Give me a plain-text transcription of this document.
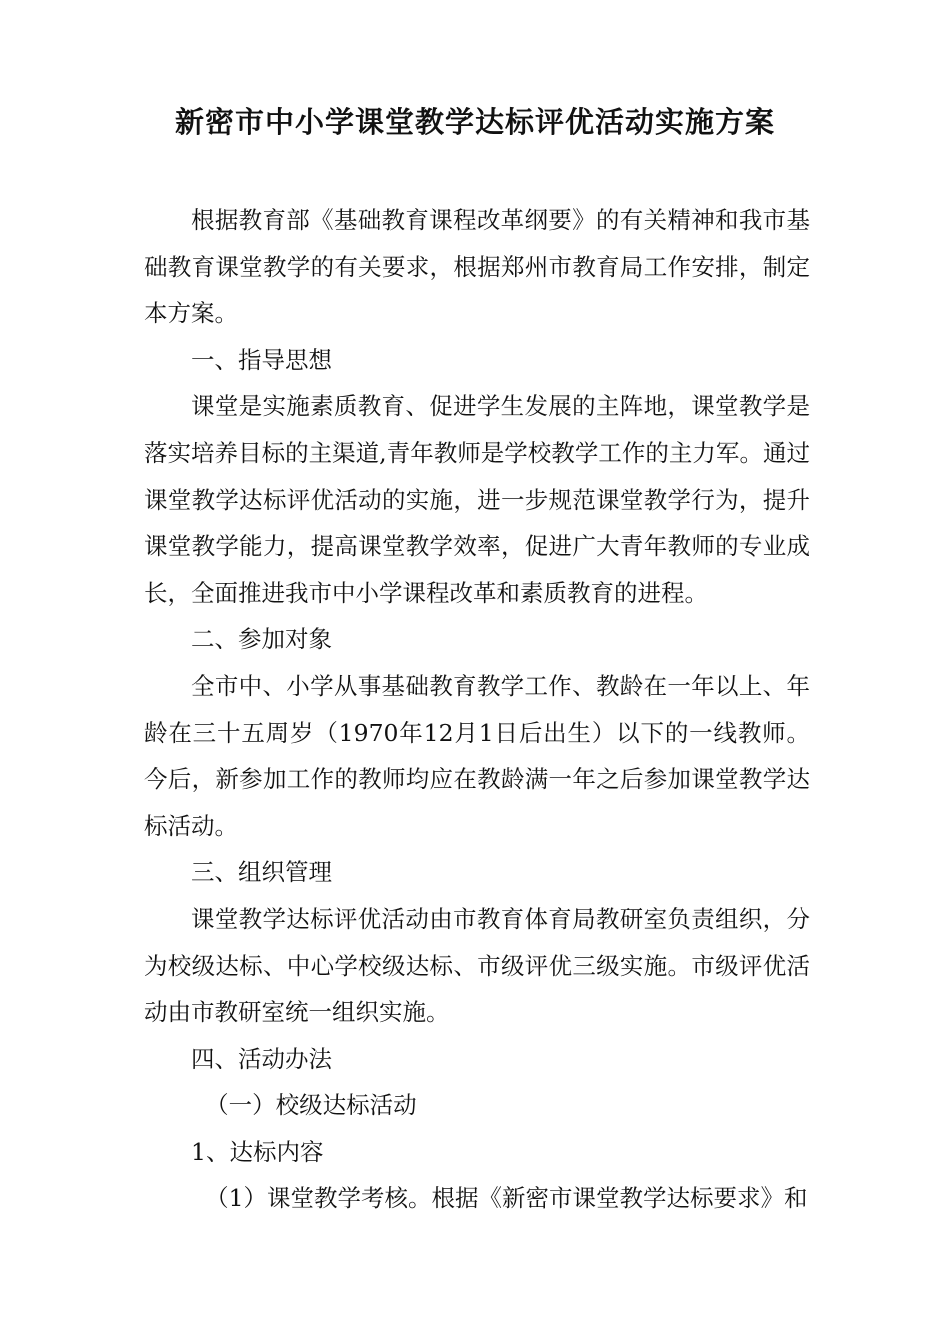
新密市中小学课堂教学达标评优活动实施方案

根据教育部《基础教育课程改革纲要》的有关精神和我市基础教育课堂教学的有关要求，根据郑州市教育局工作安排，制定本方案。

一、指导思想

课堂是实施素质教育、促进学生发展的主阵地，课堂教学是落实培养目标的主渠道,青年教师是学校教学工作的主力军。通过课堂教学达标评优活动的实施，进一步规范课堂教学行为，提升课堂教学能力，提高课堂教学效率，促进广大青年教师的专业成长，全面推进我市中小学课程改革和素质教育的进程。

二、参加对象

全市中、小学从事基础教育教学工作、教龄在一年以上、年龄在三十五周岁（1970年12月1日后出生）以下的一线教师。今后，新参加工作的教师均应在教龄满一年之后参加课堂教学达标活动。

三、组织管理

课堂教学达标评优活动由市教育体育局教研室负责组织，分为校级达标、中心学校级达标、市级评优三级实施。市级评优活动由市教研室统一组织实施。

四、活动办法

（一）校级达标活动

1、达标内容

（1）课堂教学考核。根据《新密市课堂教学达标要求》和
